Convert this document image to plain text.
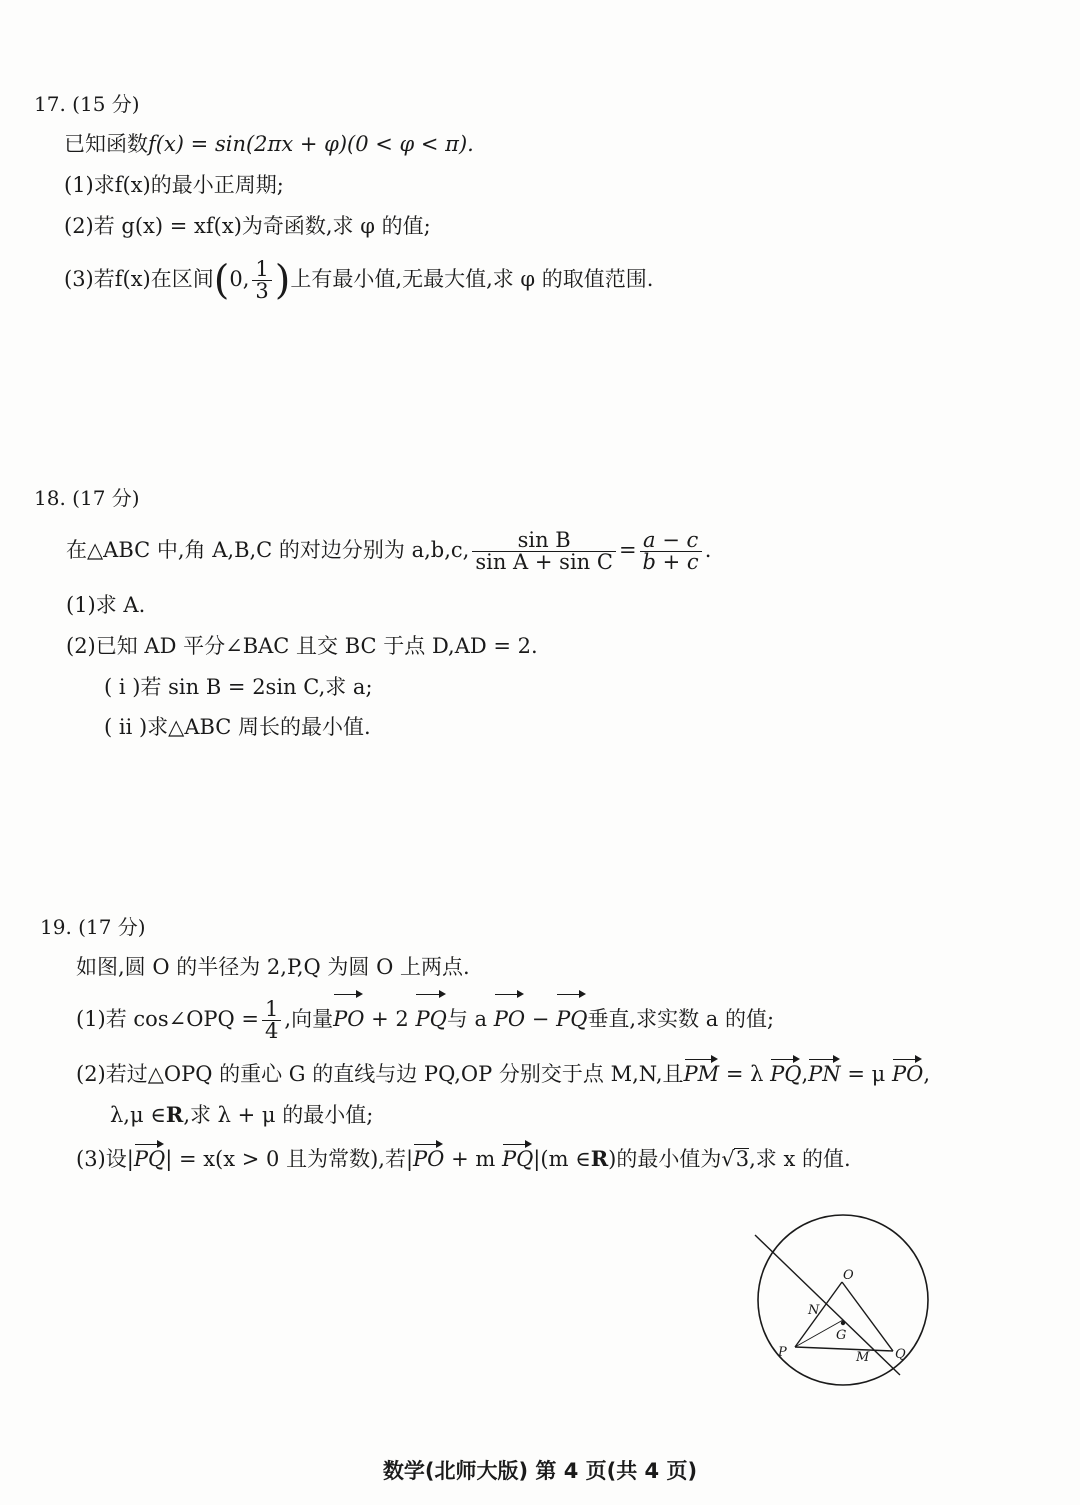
17. (15 分)
已知函数f(x) = sin(2πx + φ)(0 < φ < π).
(1)求f(x)的最小正周期;
(2)若 g(x) = xf(x)为奇函数,求 φ 的值;
(3)若f(x)在区间(0, $\frac{1}{3}$ )上有最小值,无最大值,求 φ 的取值范围.
18. (17 分)
在△ABC 中,角 A,B,C 的对边分别为 a,b,c, $\frac{\text{sin B}}{\text{sin A + sin C}} = \frac{a - c}{b + c}$ .
(1)求 A.
(2)已知 AD 平分∠BAC 且交 BC 于点 D,AD = 2.
( ⅰ )若 sin B = 2sin C,求 a;
( ⅱ )求△ABC 周长的最小值.
19. (17 分)
如图,圆 O 的半径为 2,P,Q 为圆 O 上两点.
(1)若 cos∠OPQ = $\frac{1}{4}$ ,向量PO + 2 PQ与 a PO − PQ垂直,求实数 a 的值;
(2)若过△OPQ 的重心 G 的直线与边 PQ,OP 分别交于点 M,N,且PM = λ PQ,PN = μ PO,
λ,μ ∈R,求 λ + μ 的最小值;
(3)设|PQ| = x(x > 0 且为常数),若|PO + m PQ|(m ∈R)的最小值为√3,求 x 的值.
O
N
G
P	M Q
数学(北师大版) 第 4 页(共 4 页)
